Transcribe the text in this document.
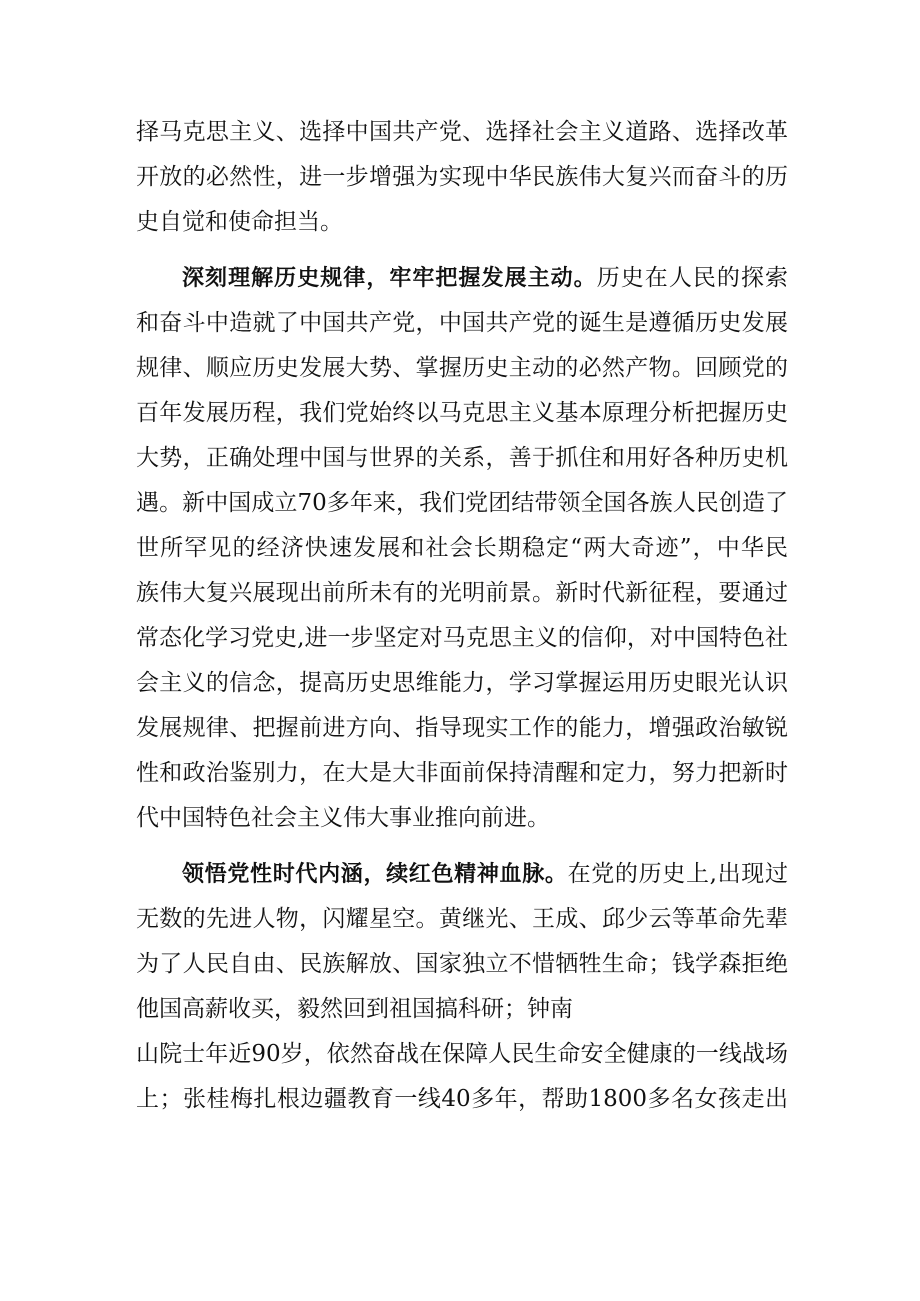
择马克思主义、选择中国共产党、选择社会主义道路、选择改革
开放的必然性，进一步增强为实现中华民族伟大复兴而奋斗的历
史自觉和使命担当。
深刻理解历史规律，牢牢把握发展主动。历史在人民的探索
和奋斗中造就了中国共产党，中国共产党的诞生是遵循历史发展
规律、顺应历史发展大势、掌握历史主动的必然产物。回顾党的
百年发展历程，我们党始终以马克思主义基本原理分析把握历史
大势，正确处理中国与世界的关系，善于抓住和用好各种历史机
遇。新中国成立70多年来，我们党团结带领全国各族人民创造了
世所罕见的经济快速发展和社会长期稳定“两大奇迹”，中华民
族伟大复兴展现出前所未有的光明前景。新时代新征程，要通过
常态化学习党史,进一步坚定对马克思主义的信仰，对中国特色社
会主义的信念，提高历史思维能力，学习掌握运用历史眼光认识
发展规律、把握前进方向、指导现实工作的能力，增强政治敏锐
性和政治鉴别力，在大是大非面前保持清醒和定力，努力把新时
代中国特色社会主义伟大事业推向前进。
领悟党性时代内涵，续红色精神血脉。在党的历史上,出现过
无数的先进人物，闪耀星空。黄继光、王成、邱少云等革命先辈
为了人民自由、民族解放、国家独立不惜牺牲生命；钱学森拒绝
他国高薪收买，毅然回到祖国搞科研；钟南
山院士年近90岁，依然奋战在保障人民生命安全健康的一线战场
上；张桂梅扎根边疆教育一线40多年，帮助1800多名女孩走出
